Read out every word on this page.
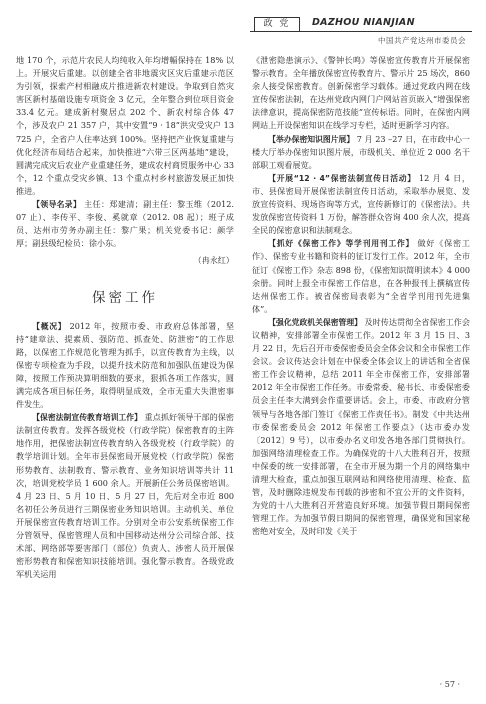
政 党	DAZHOU NIANJIAN
中国共产党达州市委员会

地 170 个，示范片农民人均纯收入年均增幅保持在 18% 以上。开展灾后重建。以创建全省非地震灾区灾后重建示范区为引领，探索产村相融成片推进新农村建设。争取到自然灾害区新村基础设施专项资金 3 亿元，全年整合到位项目资金 33.4 亿元。建成新村聚居点 202 个、新农村综合体 47 个，涉及农户 21 357 户，其中安置“9 · 18”洪灾受灾户 13 725 户，全省户人住率达到 100%。坚持把产业恢复重建与优化经济布局结合起来，加快推进“六带三区两基地”建设，圆满完成灾后农业产业重建任务，建成农村商贸服务中心 33 个，12 个重点受灾乡镇、13 个重点村乡村旅游发展正加快推进。

【领导名录】 主任：郑建清；副主任：黎玉维（2012. 07 止）、李传平、李俊、奚就章（2012. 08 起）；班子成员、达州市劳务办副主任：黎广果；机关党委书记：颜学厚；副县级纪检员：徐小东。

（冉永红）
保密工作

【概况】 2012 年，按照市委、市政府总体部署，坚持“建章法、提素质、强防范、抓查处、防泄密”的工作思路，以保密工作规范化管理为抓手，以宣传教育为主线，以保密专项检查为手段，以提升技术防范和加强队伍建设为保障，按照工作预决算明细数的要求，狠抓各项工作落实，圆满完成各项目标任务，取得明显成效，全市无重大失泄密事件发生。

【保密法制宣传教育培训工作】 重点抓好领导干部的保密法制宣传教育。发挥各级党校（行政学院）保密教育的主阵地作用，把保密法制宣传教育纳入各级党校（行政学院）的教学培训计划。全年市县保密局开展党校（行政学院）保密形势教育、法制教育、警示教育、业务知识培训等共计 11 次，培训党校学员 1 600 余人。开展新任公务员保密培训。4 月 23 日、5 月 10 日、5 月 27 日，先后对全市近 800 名初任公务员进行三期保密业务知识培训。主动机关、单位开展保密宣传教育培训工作。分别对全市公安系统保密工作分管领导、保密管理人员和中国移动达州分公司综合部、技术部、网络部等要害部门（部位）负责人、涉密人员开展保密形势教育和保密知识技能培训。强化警示教育。各级党政军机关运用

《泄密隐患演示》、《警钟长鸣》等保密宣传教育片开展保密警示教育。全年播放保密宣传教育片、警示片 25 场次，860 余人接受保密教育。创新保密学习载体。通过党政内网在线宣传保密法制，在达州党政内网门户网站首页嵌入“增强保密法律意识，提高保密防范技能”宣传标语。同时，在保密内网网站上开设保密知识在线学习专栏，适时更新学习内容。

【举办保密知识图片展】 7 月 23 –27 日，在市政中心一楼大厅举办保密知识图片展，市级机关、单位近 2 000 名干部职工观看展览。

【开展“12 · 4”保密法制宣传日活动】 12 月 4 日，市、县保密局开展保密法制宣传日活动，采取举办展览、发放宣传资料、现场咨询等方式，宣传新修订的《保密法》。共发放保密宣传资料 1 万份，解答群众咨询 400 余人次，提高全民的保密意识和法制观念。

【抓好《保密工作》等学刊用刊工作】 做好《保密工作》、保密专业书籍和资料的征订发行工作。2012 年，全市征订《保密工作》杂志 898 份，《保密知识简明读本》4 000 余册。同时上报全市保密工作信息，在各种报刊上撰稿宣传达州保密工作。被省保密局表彰为“全省学刊用刊先进集体”。

【强化党政机关保密管理】 及时传达贯彻全省保密工作会议精神，安排部署全市保密工作。2012 年 3 月 15 日、3 月 22 日，先后召开市委保密委员会全体会议和全市保密工作会议。会议传达会计划在中保委全体会议上的讲话和全省保密工作会议精神，总结 2011 年全市保密工作，安排部署 2012 年全市保密工作任务。市委常委、秘书长、市委保密委员会主任李大满到会作重要讲话。会上，市委、市政府分管领导与各地各部门签订《保密工作责任书》。制发《中共达州市委保密委员会 2012 年保密工作要点》（达市委办发〔2012〕9 号），以市委办名义印发各地各部门贯彻执行。加强网络清理检查工作。为确保党的十八大胜利召开，按照中保委的统一安排部署，在全市开展为期一个月的网络集中清理大检查，重点加强互联网站和网络使用清理、检查、监管，及时删除违规发布刊载的涉密和不宜公开的文件资料，为党的十八大胜利召开营造良好环境。加强节假日期间保密管理工作。为加强节假日期间的保密管理，确保党和国家秘密绝对安全，及时印发《关于

· 57 ·
